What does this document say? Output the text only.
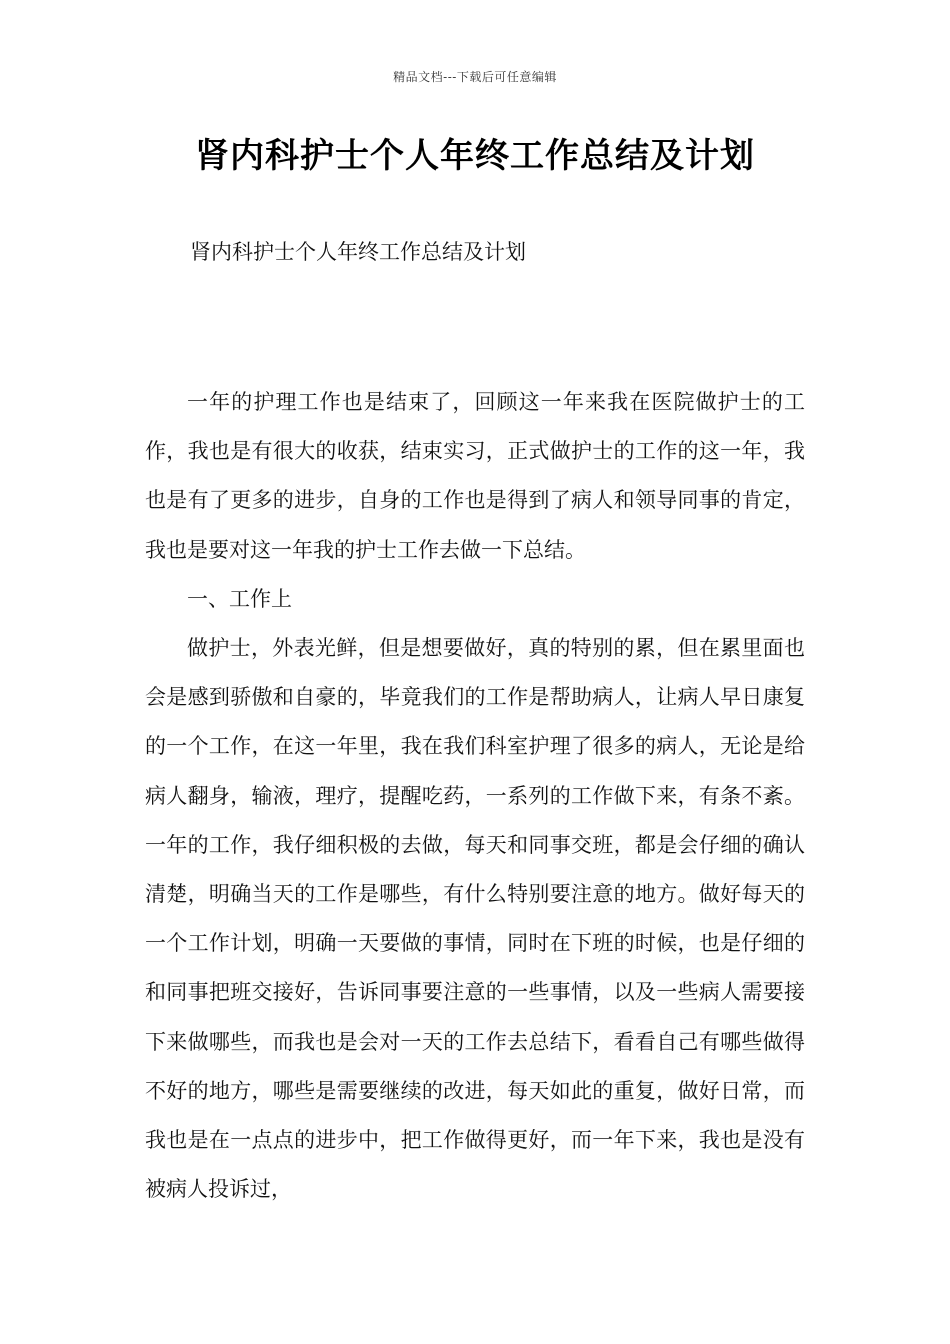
精品文档---下载后可任意编辑
肾内科护士个人年终工作总结及计划
肾内科护士个人年终工作总结及计划

一年的护理工作也是结束了，回顾这一年来我在医院做护士的工作，我也是有很大的收获，结束实习，正式做护士的工作的这一年，我也是有了更多的进步，自身的工作也是得到了病人和领导同事的肯定，我也是要对这一年我的护士工作去做一下总结。

一、工作上

做护士，外表光鲜，但是想要做好，真的特别的累，但在累里面也会是感到骄傲和自豪的，毕竟我们的工作是帮助病人，让病人早日康复的一个工作，在这一年里，我在我们科室护理了很多的病人，无论是给病人翻身，输液，理疗，提醒吃药，一系列的工作做下来，有条不紊。一年的工作，我仔细积极的去做，每天和同事交班，都是会仔细的确认清楚，明确当天的工作是哪些，有什么特别要注意的地方。做好每天的一个工作计划，明确一天要做的事情，同时在下班的时候，也是仔细的和同事把班交接好，告诉同事要注意的一些事情，以及一些病人需要接下来做哪些，而我也是会对一天的工作去总结下，看看自己有哪些做得不好的地方，哪些是需要继续的改进，每天如此的重复，做好日常，而我也是在一点点的进步中，把工作做得更好，而一年下来，我也是没有被病人投诉过，
